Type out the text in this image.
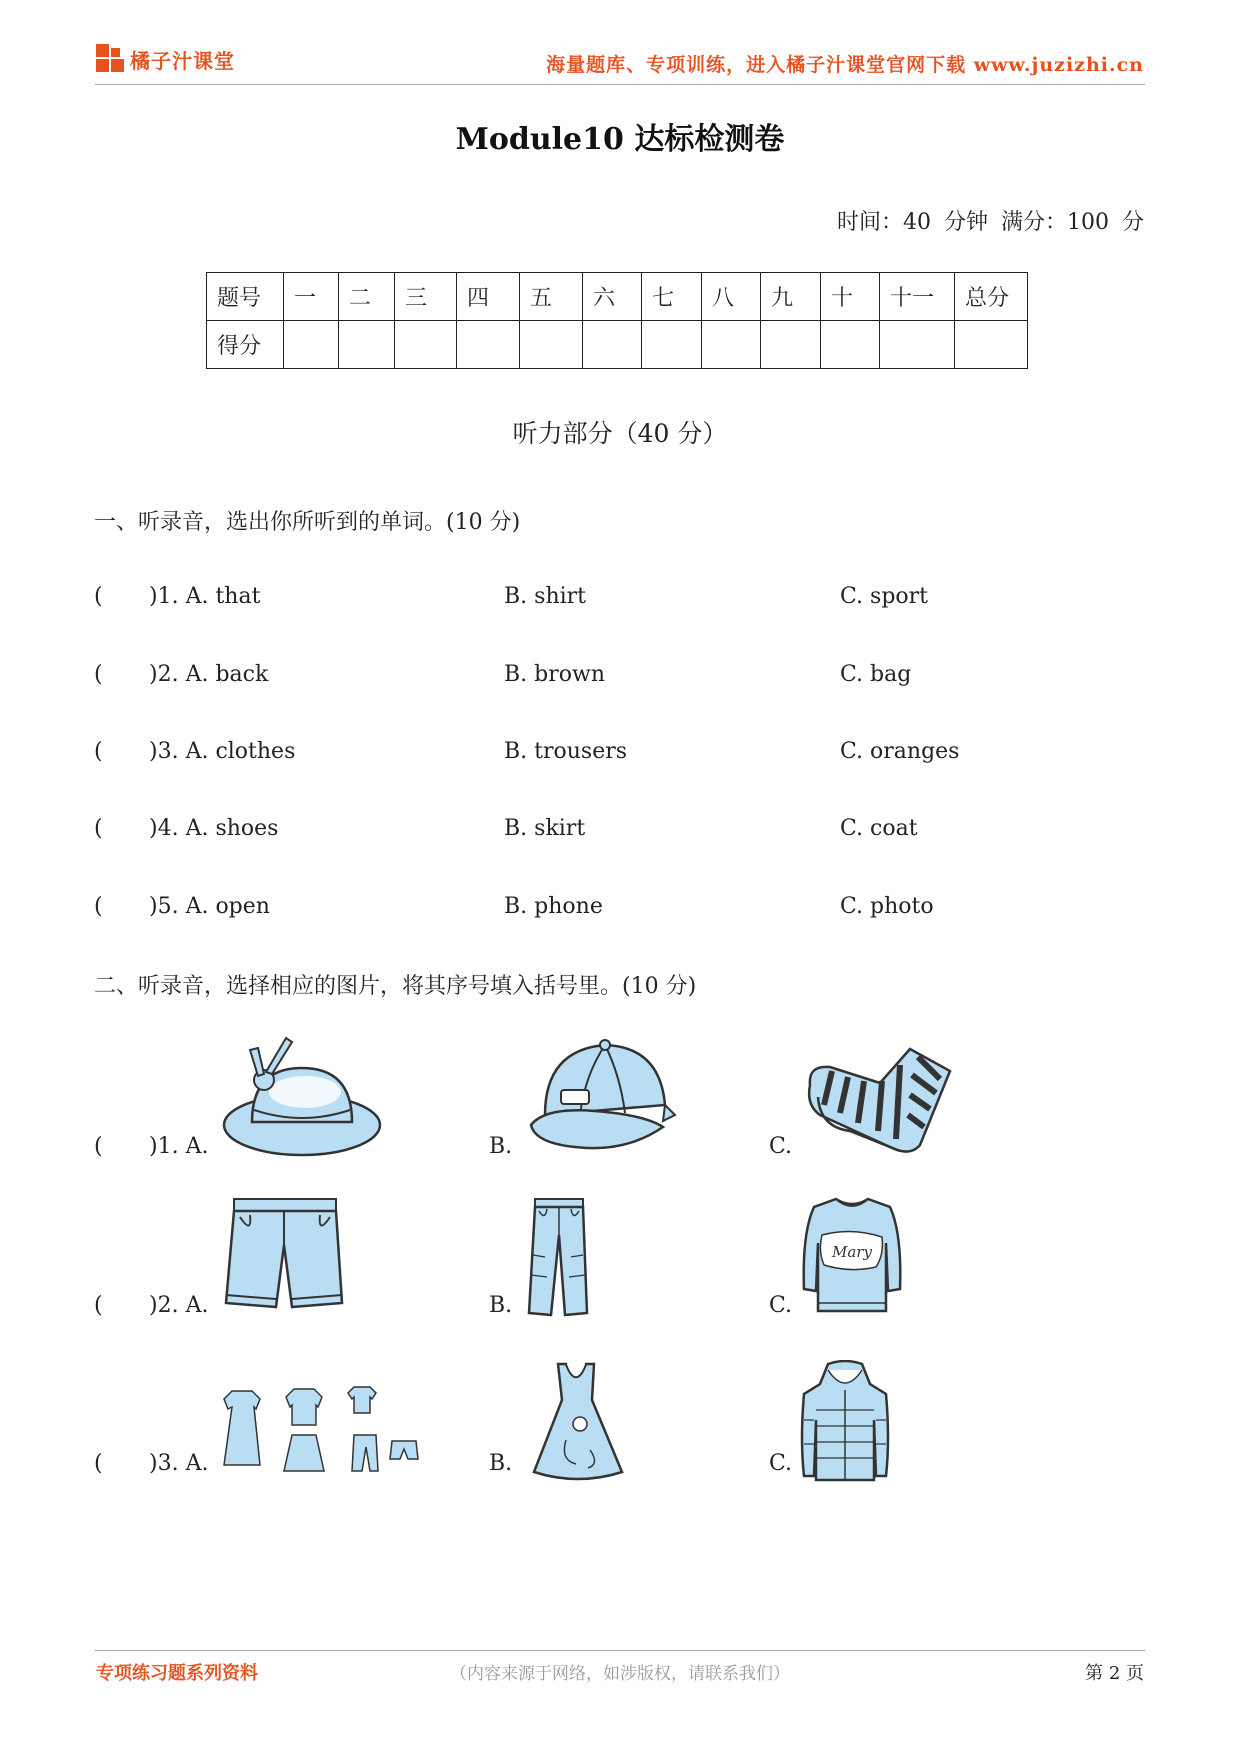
橘子汁课堂	海量题库、专项训练，进入橘子汁课堂官网下载 www.juzizhi.cn
Module10 达标检测卷
时间：40 分钟 满分：100 分
题号	一	二	三	四	五	六	七	八	九	十	十一	总分
得分												
听力部分（40 分）
一、听录音，选出你所听到的单词。(10 分)
( )1. A. that	B. shirt	C. sport
( )2. A. back	B. brown	C. bag
( )3. A. clothes	B. trousers	C. oranges
( )4. A. shoes	B. skirt	C. coat
( )5. A. open	B. phone	C. photo
二、听录音，选择相应的图片，将其序号填入括号里。(10 分)
( )1. A.	B.	C.
( )2. A.	B.	C.
Mary
( )3. A.	B.	C.
专项练习题系列资料	（内容来源于网络，如涉版权，请联系我们）	第 2 页
